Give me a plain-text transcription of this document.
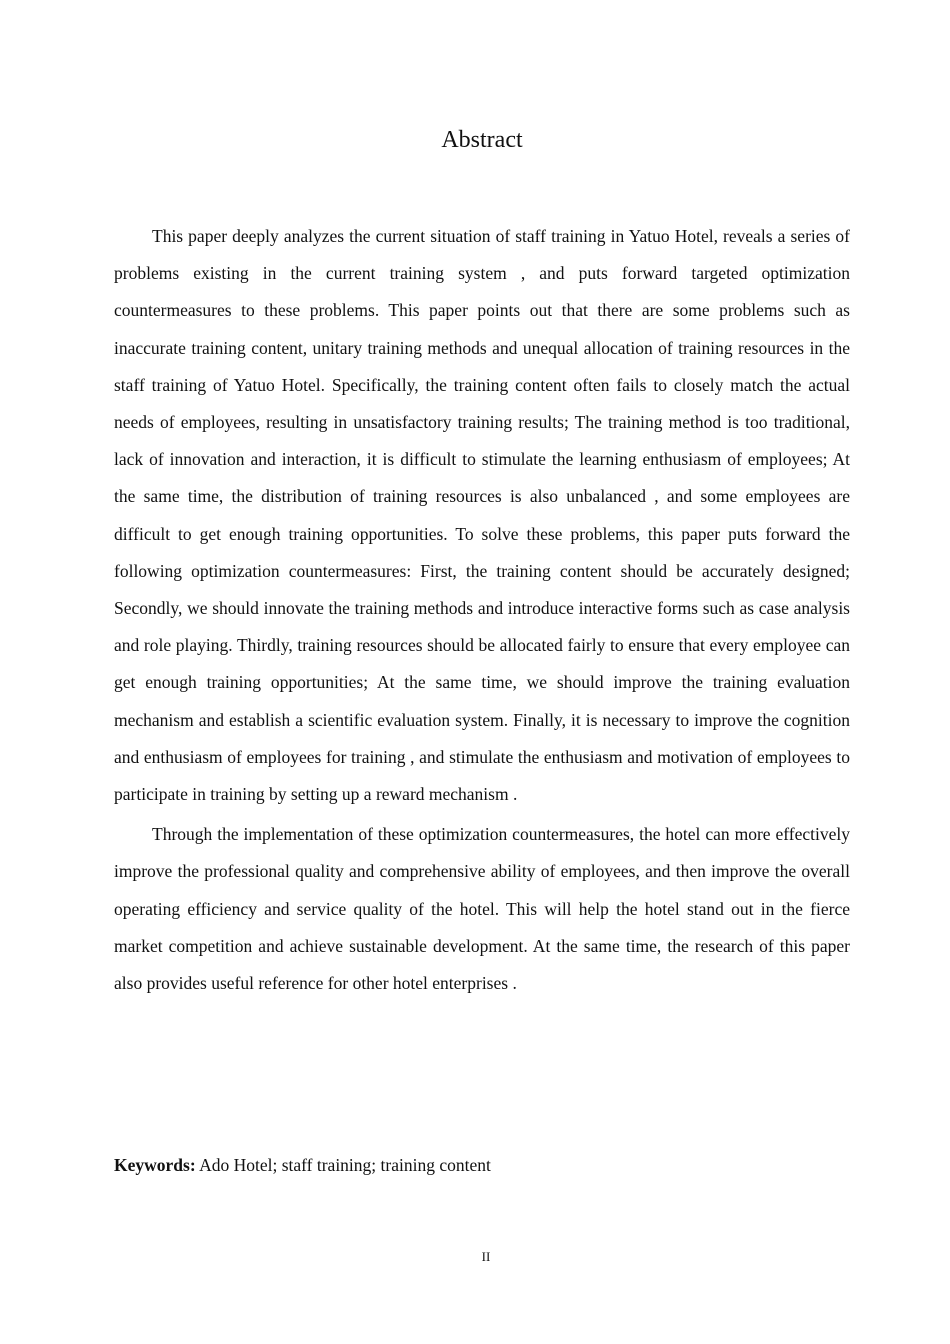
Abstract

This paper deeply analyzes the current situation of staff training in Yatuo Hotel, reveals a series of problems existing in the current training system , and puts forward targeted optimization countermeasures to these problems. This paper points out that there are some problems such as inaccurate training content, unitary training methods and unequal allocation of training resources in the staff training of Yatuo Hotel. Specifically, the training content often fails to closely match the actual needs of employees, resulting in unsatisfactory training results; The training method is too traditional, lack of innovation and interaction, it is difficult to stimulate the learning enthusiasm of employees; At the same time, the distribution of training resources is also unbalanced , and some employees are difficult to get enough training opportunities. To solve these problems, this paper puts forward the following optimization countermeasures: First, the training content should be accurately designed; Secondly, we should innovate the training methods and introduce interactive forms such as case analysis and role playing. Thirdly, training resources should be allocated fairly to ensure that every employee can get enough training opportunities; At the same time, we should improve the training evaluation mechanism and establish a scientific evaluation system. Finally, it is necessary to improve the cognition and enthusiasm of employees for training , and stimulate the enthusiasm and motivation of employees to participate in training by setting up a reward mechanism .

Through the implementation of these optimization countermeasures, the hotel can more effectively improve the professional quality and comprehensive ability of employees, and then improve the overall operating efficiency and service quality of the hotel. This will help the hotel stand out in the fierce market competition and achieve sustainable development. At the same time, the research of this paper also provides useful reference for other hotel enterprises .

Keywords: Ado Hotel; staff training; training content

II
